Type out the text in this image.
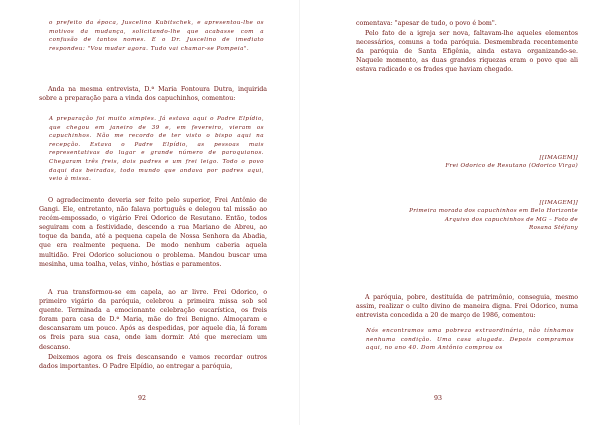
o prefeito da época, Juscelino Kubitschek, e apresentou-lhe os motivos da mudança, solicitando-lhe que acabasse com a confusão de tantos nomes. E o Dr. Juscelino de imediato respondeu: "Vou mudar agora. Tudo vai chamar-se Pompeia".

Anda na mesma entrevista, D.ª Maria Fontoura Dutra, inquirida sobre a preparação para a vinda dos capuchinhos, comentou:

A preparação foi muito simples. Já estava aqui o Padre Elpídio, que chegou em janeiro de 39 e, em fevereiro, vieram os capuchinhos. Não me recordo de ter visto o bispo aqui na recepção. Estava o Padre Elpídio, as pessoas mais representativas do lugar e grande número de paroquianos. Chegaram três freis, dois padres e um frei leigo. Todo o povo daqui das beiradas, todo mundo que andava por padres aqui, veio à missa.

O agradecimento deveria ser feito pelo superior, Frei Antônio de Gangi. Ele, entretanto, não falava português e delegou tal missão ao recém-empossado, o vigário Frei Odorico de Resutano. Então, todos seguiram com a festividade, descendo a rua Mariano de Abreu, ao toque da banda, até a pequena capela de Nossa Senhora da Abadia, que era realmente pequena. De modo nenhum caberia aquela multidão. Frei Odorico solucionou o problema. Mandou buscar uma mesinha, uma toalha, velas, vinho, hóstias e paramentos.

A rua transformou-se em capela, ao ar livre. Frei Odorico, o primeiro vigário da paróquia, celebrou a primeira missa sob sol quente. Terminada a emocionante celebração eucarística, os freis foram para casa de D.ª Maria, mãe do frei Benigno. Almoçaram e descansaram um pouco. Após as despedidas, por aquele dia, lá foram os freis para sua casa, onde iam dormir. Até que mereciam um descanso.

Deixemos agora os freis descansando e vamos recordar outros dados importantes. O Padre Elpídio, ao entregar a paróquia,

92

comentava: "apesar de tudo, o povo é bom".

Pelo fato de a igreja ser nova, faltavam-lhe aqueles elementos necessários, comuns a toda paróquia. Desmembrada recentemente da paróquia de Santa Efigênia, ainda estava organizando-se. Naquele momento, as duas grandes riquezas eram o povo que ali estava radicado e os frades que haviam chegado.

[[IMAGEM]]

Frei Odorico de Resutano (Odorico Virga)

[[IMAGEM]]

Primeira morada dos capuchinhos em Belo Horizonte

Arquivo dos capuchinhos de MG – Foto de

Rosana Stéfany

A paróquia, pobre, destituída de patrimônio, conseguia, mesmo assim, realizar o culto divino de maneira digna. Frei Odorico, numa entrevista concedida a 20 de março de 1986, comentou:

Nós encontramos uma pobreza extraordinária, não tínhamos nenhuma condição. Uma casa alugada. Depois compramos aqui, no ano 40. Dom Antônio comprou os

93
